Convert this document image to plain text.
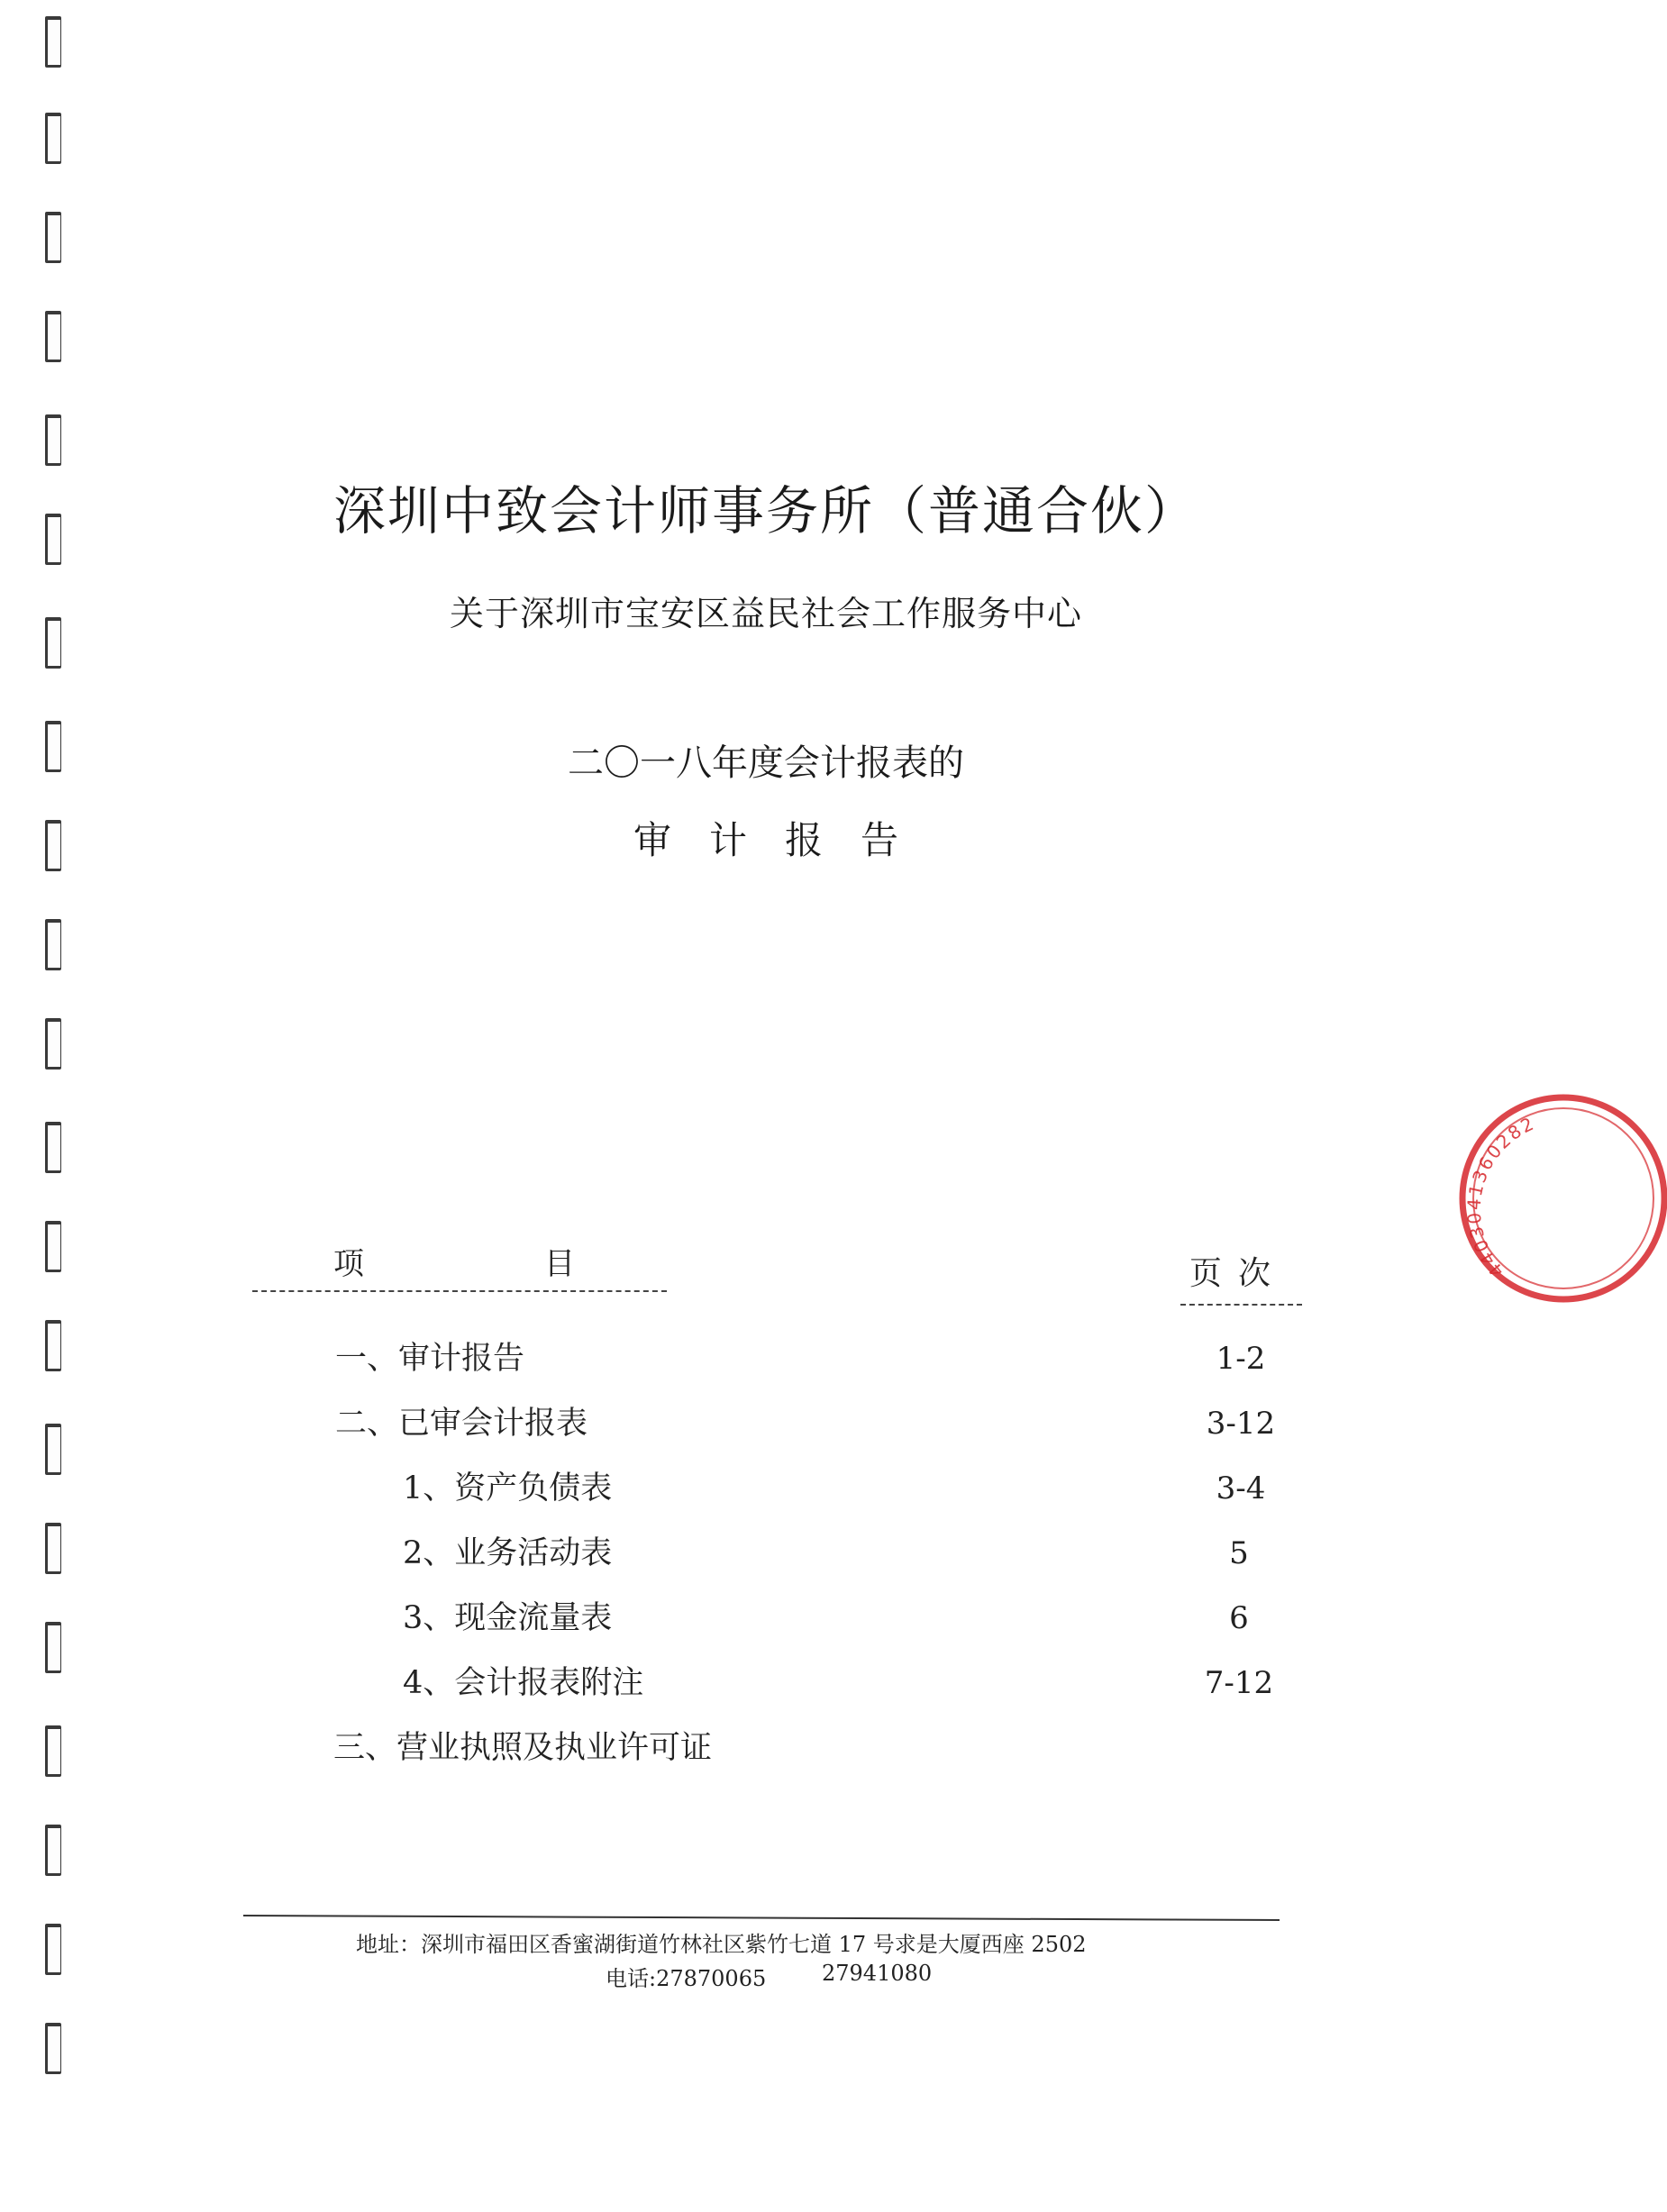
深圳中致会计师事务所（普通合伙）
关于深圳市宝安区益民社会工作服务中心
二〇一八年度会计报表的
审计报告
项	目	页次
一、审计报告	1-2
二、已审会计报表	3-12
1、资产负债表	3-4
2、业务活动表	5
3、现金流量表	6
4、会计报表附注	7-12
三、营业执照及执业许可证
地址：深圳市福田区香蜜湖街道竹林社区紫竹七道 17 号求是大厦西座 2502
电话:27870065	27941080
4403041360282
